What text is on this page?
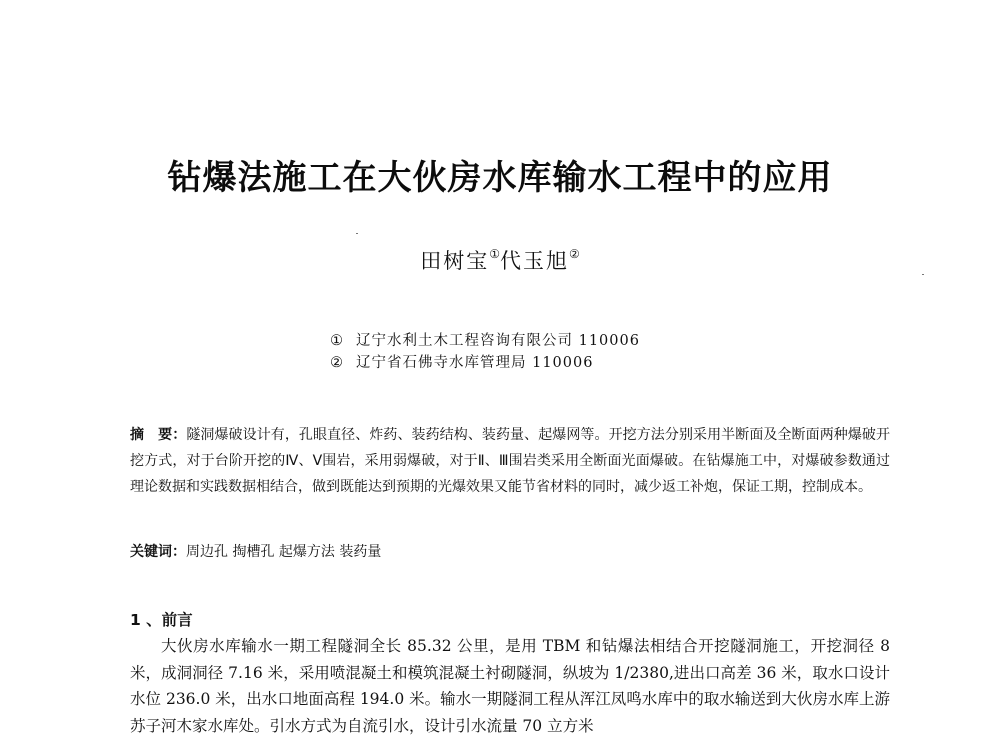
钻爆法施工在大伙房水库输水工程中的应用
田树宝①代玉旭②
① 辽宁水利土木工程咨询有限公司 110006
② 辽宁省石佛寺水库管理局 110006
摘　要：隧洞爆破设计有，孔眼直径、炸药、装药结构、装药量、起爆网等。开挖方法分别采用半断面及全断面两种爆破开挖方式，对于台阶开挖的Ⅳ、Ⅴ围岩，采用弱爆破，对于Ⅱ、Ⅲ围岩类采用全断面光面爆破。在钻爆施工中，对爆破参数通过理论数据和实践数据相结合，做到既能达到预期的光爆效果又能节省材料的同时，减少返工补炮，保证工期，控制成本。
关键词：周边孔 掏槽孔 起爆方法 装药量
1 、前言
大伙房水库输水一期工程隧洞全长 85.32 公里，是用 TBM 和钻爆法相结合开挖隧洞施工，开挖洞径 8 米，成洞洞径 7.16 米，采用喷混凝土和模筑混凝土衬砌隧洞，纵坡为 1/2380,进出口高差 36 米，取水口设计水位 236.0 米，出水口地面高程 194.0 米。输水一期隧洞工程从浑江凤鸣水库中的取水输送到大伙房水库上游苏子河木家水库处。引水方式为自流引水，设计引水流量 70 立方米
